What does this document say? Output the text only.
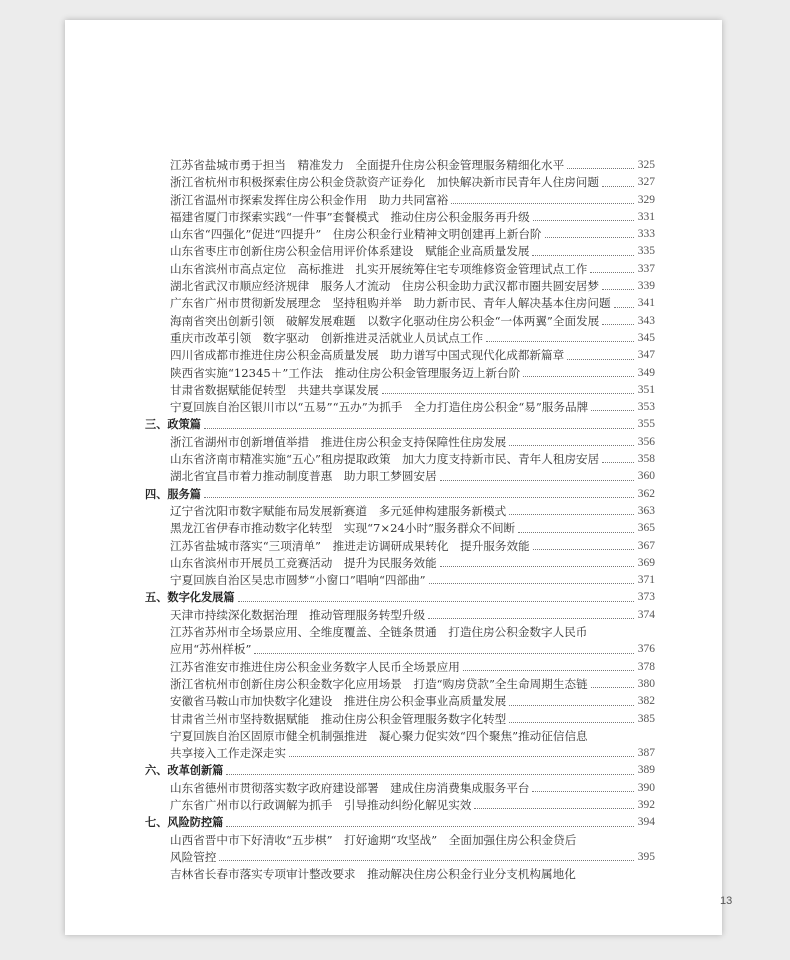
江苏省盐城市勇于担当　精准发力　全面提升住房公积金管理服务精细化水平	325
浙江省杭州市积极探索住房公积金贷款资产证券化　加快解决新市民青年人住房问题	327
浙江省温州市探索发挥住房公积金作用　助力共同富裕	329
福建省厦门市探索实践“一件事”套餐模式　推动住房公积金服务再升级	331
山东省“四强化”促进“四提升”　住房公积金行业精神文明创建再上新台阶	333
山东省枣庄市创新住房公积金信用评价体系建设　赋能企业高质量发展	335
山东省滨州市高点定位　高标推进　扎实开展统筹住宅专项维修资金管理试点工作	337
湖北省武汉市顺应经济规律　服务人才流动　住房公积金助力武汉都市圈共圆安居梦	339
广东省广州市贯彻新发展理念　坚持租购并举　助力新市民、青年人解决基本住房问题 341
海南省突出创新引领　破解发展难题　以数字化驱动住房公积金“一体两翼”全面发展	343
重庆市改革引领　数字驱动　创新推进灵活就业人员试点工作	345
四川省成都市推进住房公积金高质量发展　助力谱写中国式现代化成都新篇章	347
陕西省实施“12345＋”工作法　推动住房公积金管理服务迈上新台阶	349
甘肃省数据赋能促转型　共建共享谋发展	351
宁夏回族自治区银川市以“五易”“五办”为抓手　全力打造住房公积金“易”服务品牌	353
三、政策篇	355
浙江省湖州市创新增值举措　推进住房公积金支持保障性住房发展	356
山东省济南市精准实施“五心”租房提取政策　加大力度支持新市民、青年人租房安居	358
湖北省宜昌市着力推动制度普惠　助力职工梦圆安居	360
四、服务篇	362
辽宁省沈阳市数字赋能布局发展新赛道　多元延伸构建服务新模式	363
黑龙江省伊春市推动数字化转型　实现“7×24小时”服务群众不间断	365
江苏省盐城市落实“三项清单”　推进走访调研成果转化　提升服务效能	367
山东省滨州市开展员工竞赛活动　提升为民服务效能	369
宁夏回族自治区吴忠市圆梦“小窗口”唱响“四部曲”	371
五、数字化发展篇	373
天津市持续深化数据治理　推动管理服务转型升级	374
江苏省苏州市全场景应用、全维度覆盖、全链条贯通　打造住房公积金数字人民币
应用“苏州样板”	376
江苏省淮安市推进住房公积金业务数字人民币全场景应用	378
浙江省杭州市创新住房公积金数字化应用场景　打造“购房贷款”全生命周期生态链	380
安徽省马鞍山市加快数字化建设　推进住房公积金事业高质量发展	382
甘肃省兰州市坚持数据赋能　推动住房公积金管理服务数字化转型	385
宁夏回族自治区固原市健全机制强推进　凝心聚力促实效“四个聚焦”推动征信信息
共享接入工作走深走实	387
六、改革创新篇	389
山东省德州市贯彻落实数字政府建设部署　建成住房消费集成服务平台	390
广东省广州市以行政调解为抓手　引导推动纠纷化解见实效	392
七、风险防控篇	394
山西省晋中市下好清收“五步棋”　打好逾期“攻坚战”　全面加强住房公积金贷后
风险管控	395
吉林省长春市落实专项审计整改要求　推动解决住房公积金行业分支机构属地化
13
